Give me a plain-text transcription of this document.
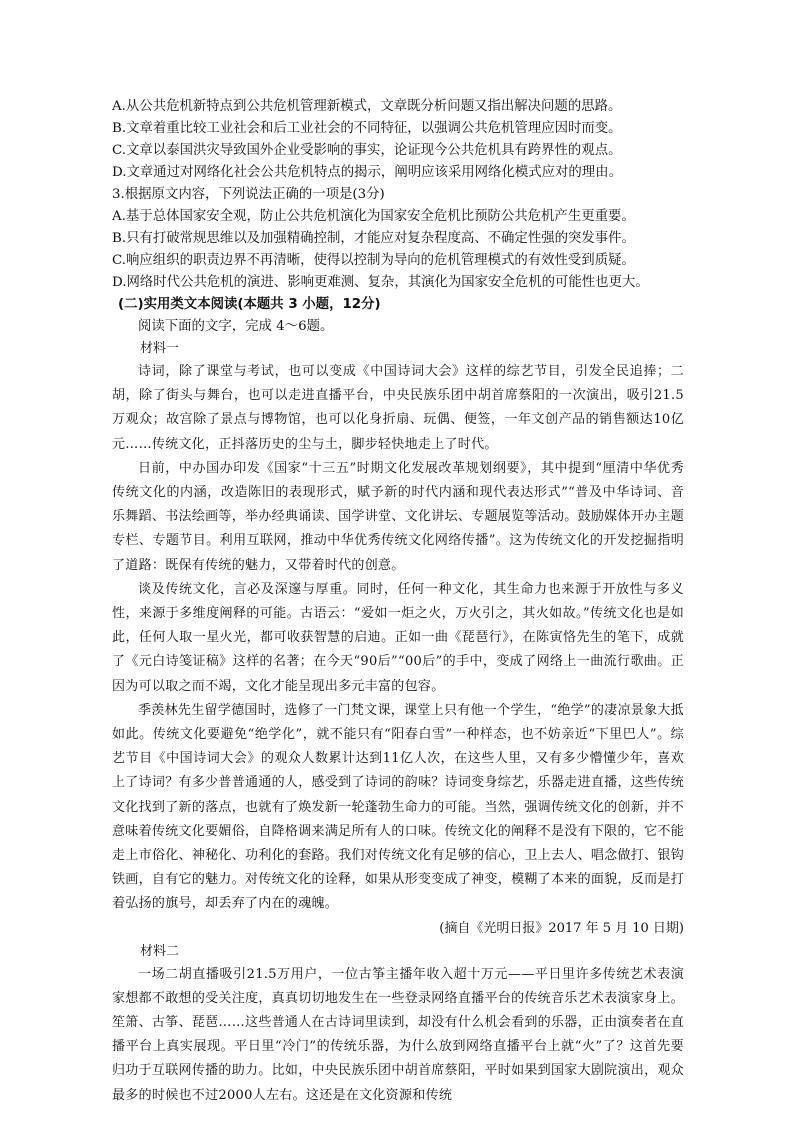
A.从公共危机新特点到公共危机管理新模式，文章既分析问题又指出解决问题的思路。

B.文章着重比较工业社会和后工业社会的不同特征，以强调公共危机管理应因时而变。

C.文章以泰国洪灾导致国外企业受影响的事实，论证现今公共危机具有跨界性的观点。

D.文章通过对网络化社会公共危机特点的揭示，阐明应该采用网络化模式应对的理由。

3.根据原文内容，下列说法正确的一项是(3分)

A.基于总体国家安全观，防止公共危机演化为国家安全危机比预防公共危机产生更重要。

B.只有打破常规思维以及加强精确控制，才能应对复杂程度高、不确定性强的突发事件。

C.响应组织的职责边界不再清晰，使得以控制为导向的危机管理模式的有效性受到质疑。

D.网络时代公共危机的演进、影响更难测、复杂，其演化为国家安全危机的可能性也更大。

(二)实用类文本阅读(本题共 3 小题，12分)

阅读下面的文字，完成 4～6题。

材料一

诗词，除了课堂与考试，也可以变成《中国诗词大会》这样的综艺节目，引发全民追捧；二胡，除了街头与舞台，也可以走进直播平台，中央民族乐团中胡首席蔡阳的一次演出，吸引21.5万观众；故宫除了景点与博物馆，也可以化身折扇、玩偶、便签，一年文创产品的销售额达10亿元……传统文化，正抖落历史的尘与土，脚步轻快地走上了时代。

日前，中办国办印发《国家“十三五”时期文化发展改革规划纲要》，其中提到“厘清中华优秀传统文化的内涵，改造陈旧的表现形式，赋予新的时代内涵和现代表达形式”“普及中华诗词、音乐舞蹈、书法绘画等，举办经典诵读、国学讲堂、文化讲坛、专题展览等活动。鼓励媒体开办主题专栏、专题节目。利用互联网，推动中华优秀传统文化网络传播”。这为传统文化的开发挖掘指明了道路：既保有传统的魅力，又带着时代的创意。

谈及传统文化，言必及深邃与厚重。同时，任何一种文化，其生命力也来源于开放性与多义性，来源于多维度阐释的可能。古语云：“爱如一炬之火，万火引之，其火如故。”传统文化也是如此，任何人取一星火光，都可收获智慧的启迪。正如一曲《琵琶行》，在陈寅恪先生的笔下，成就了《元白诗笺证稿》这样的名著；在今天“90后”“00后”的手中，变成了网络上一曲流行歌曲。正因为可以取之而不竭，文化才能呈现出多元丰富的包容。

季羡林先生留学德国时，选修了一门梵文课，课堂上只有他一个学生，“绝学”的凄凉景象大抵如此。传统文化要避免“绝学化”，就不能只有“阳春白雪”一种样态，也不妨亲近“下里巴人”。综艺节目《中国诗词大会》的观众人数累计达到11亿人次，在这些人里，又有多少懵懂少年，喜欢上了诗词？有多少普普通通的人，感受到了诗词的韵味？诗词变身综艺，乐器走进直播，这些传统文化找到了新的落点，也就有了焕发新一轮蓬勃生命力的可能。当然，强调传统文化的创新，并不意味着传统文化要媚俗，自降格调来满足所有人的口味。传统文化的阐释不是没有下限的，它不能走上市俗化、神秘化、功利化的套路。我们对传统文化有足够的信心，卫上去人、唱念做打、银钩铁画，自有它的魅力。对传统文化的诠释，如果从形变变成了神变，模糊了本来的面貌，反而是打着弘扬的旗号，却丢弃了内在的魂魄。

(摘自《光明日报》2017 年 5 月 10 日期)

材料二

一场二胡直播吸引21.5万用户，一位古筝主播年收入超十万元——平日里许多传统艺术表演家想都不敢想的受关注度，真真切切地发生在一些登录网络直播平台的传统音乐艺术表演家身上。笙箫、古筝、琵琶……这些普通人在古诗词里读到，却没有什么机会看到的乐器，正由演奏者在直播平台上真实展现。平日里“冷门”的传统乐器，为什么放到网络直播平台上就“火”了？这首先要归功于互联网传播的助力。比如，中央民族乐团中胡首席蔡阳，平时如果到国家大剧院演出，观众最多的时候也不过2000人左右。这还是在文化资源和传统
